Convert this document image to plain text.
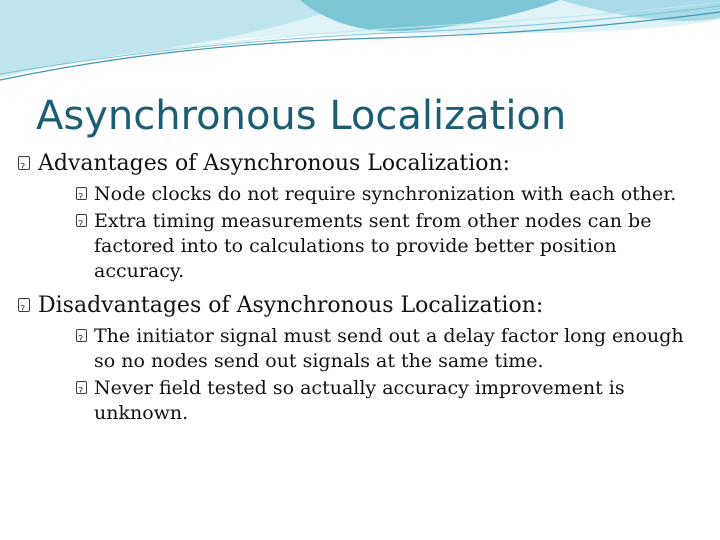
Asynchronous Localization
?
Advantages of Asynchronous Localization:
?
Node clocks do not require synchronization with each other.
?
Extra timing measurements sent from other nodes can be factored into to calculations to provide better position accuracy.
?
Disadvantages of Asynchronous Localization:
?
The initiator signal must send out a delay factor long enough so no nodes send out signals at the same time.
?
Never field tested so actually accuracy improvement is unknown.
